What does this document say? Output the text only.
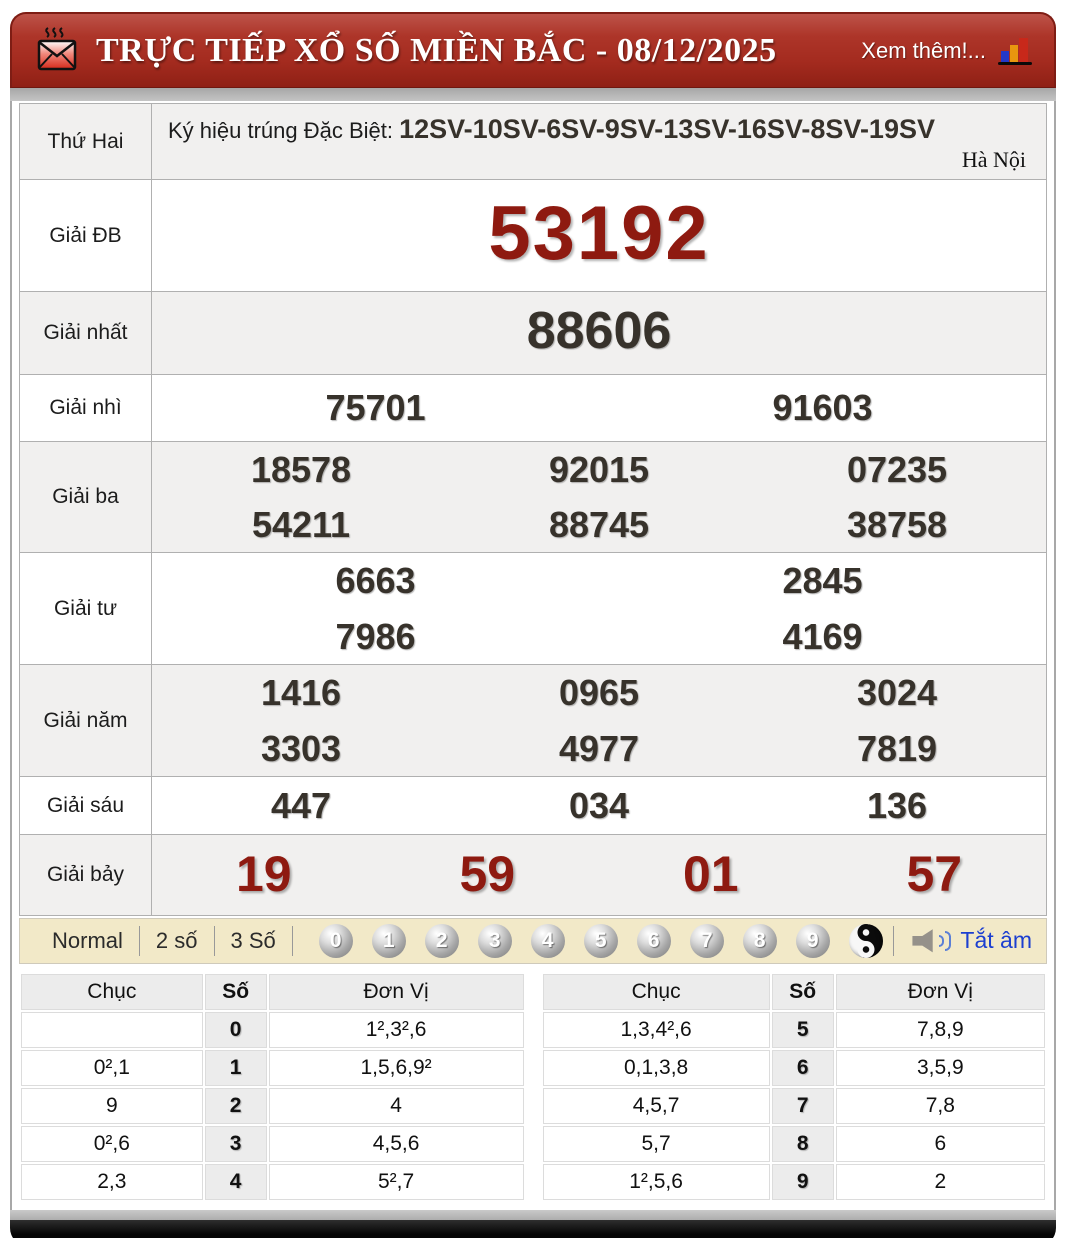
TRỰC TIẾP XỔ SỐ MIỀN BẮC - 08/12/2025	Xem thêm!...
Thứ Hai	Ký hiệu trúng Đặc Biệt: 12SV-10SV-6SV-9SV-13SV-16SV-8SV-19SV
Hà Nội

Giải ĐB	53192

Giải nhất	88606

Giải nhì	75701 91603

Giải ba	
18578	92015	07235
54211	88745	38758

Giải tư	6663 2845
7986 4169

Giải năm	
1416	0965	3024
3303	4977	7819

Giải sáu	447 034 136

Giải bảy	19 59 01 57
Normal	2 số	3 Số	0	1	2	3	4	5	6	7	8	9	Tắt âm
Chục	Số	Đơn Vị
	0	1²,3²,6
0²,1	1	1,5,6,9²
9	2	4
0²,6	3	4,5,6
2,3	4	5²,7
Chục	Số	Đơn Vị
1,3,4²,6	5	7,8,9
0,1,3,8	6	3,5,9
4,5,7	7	7,8
5,7	8	6
1²,5,6	9	2
